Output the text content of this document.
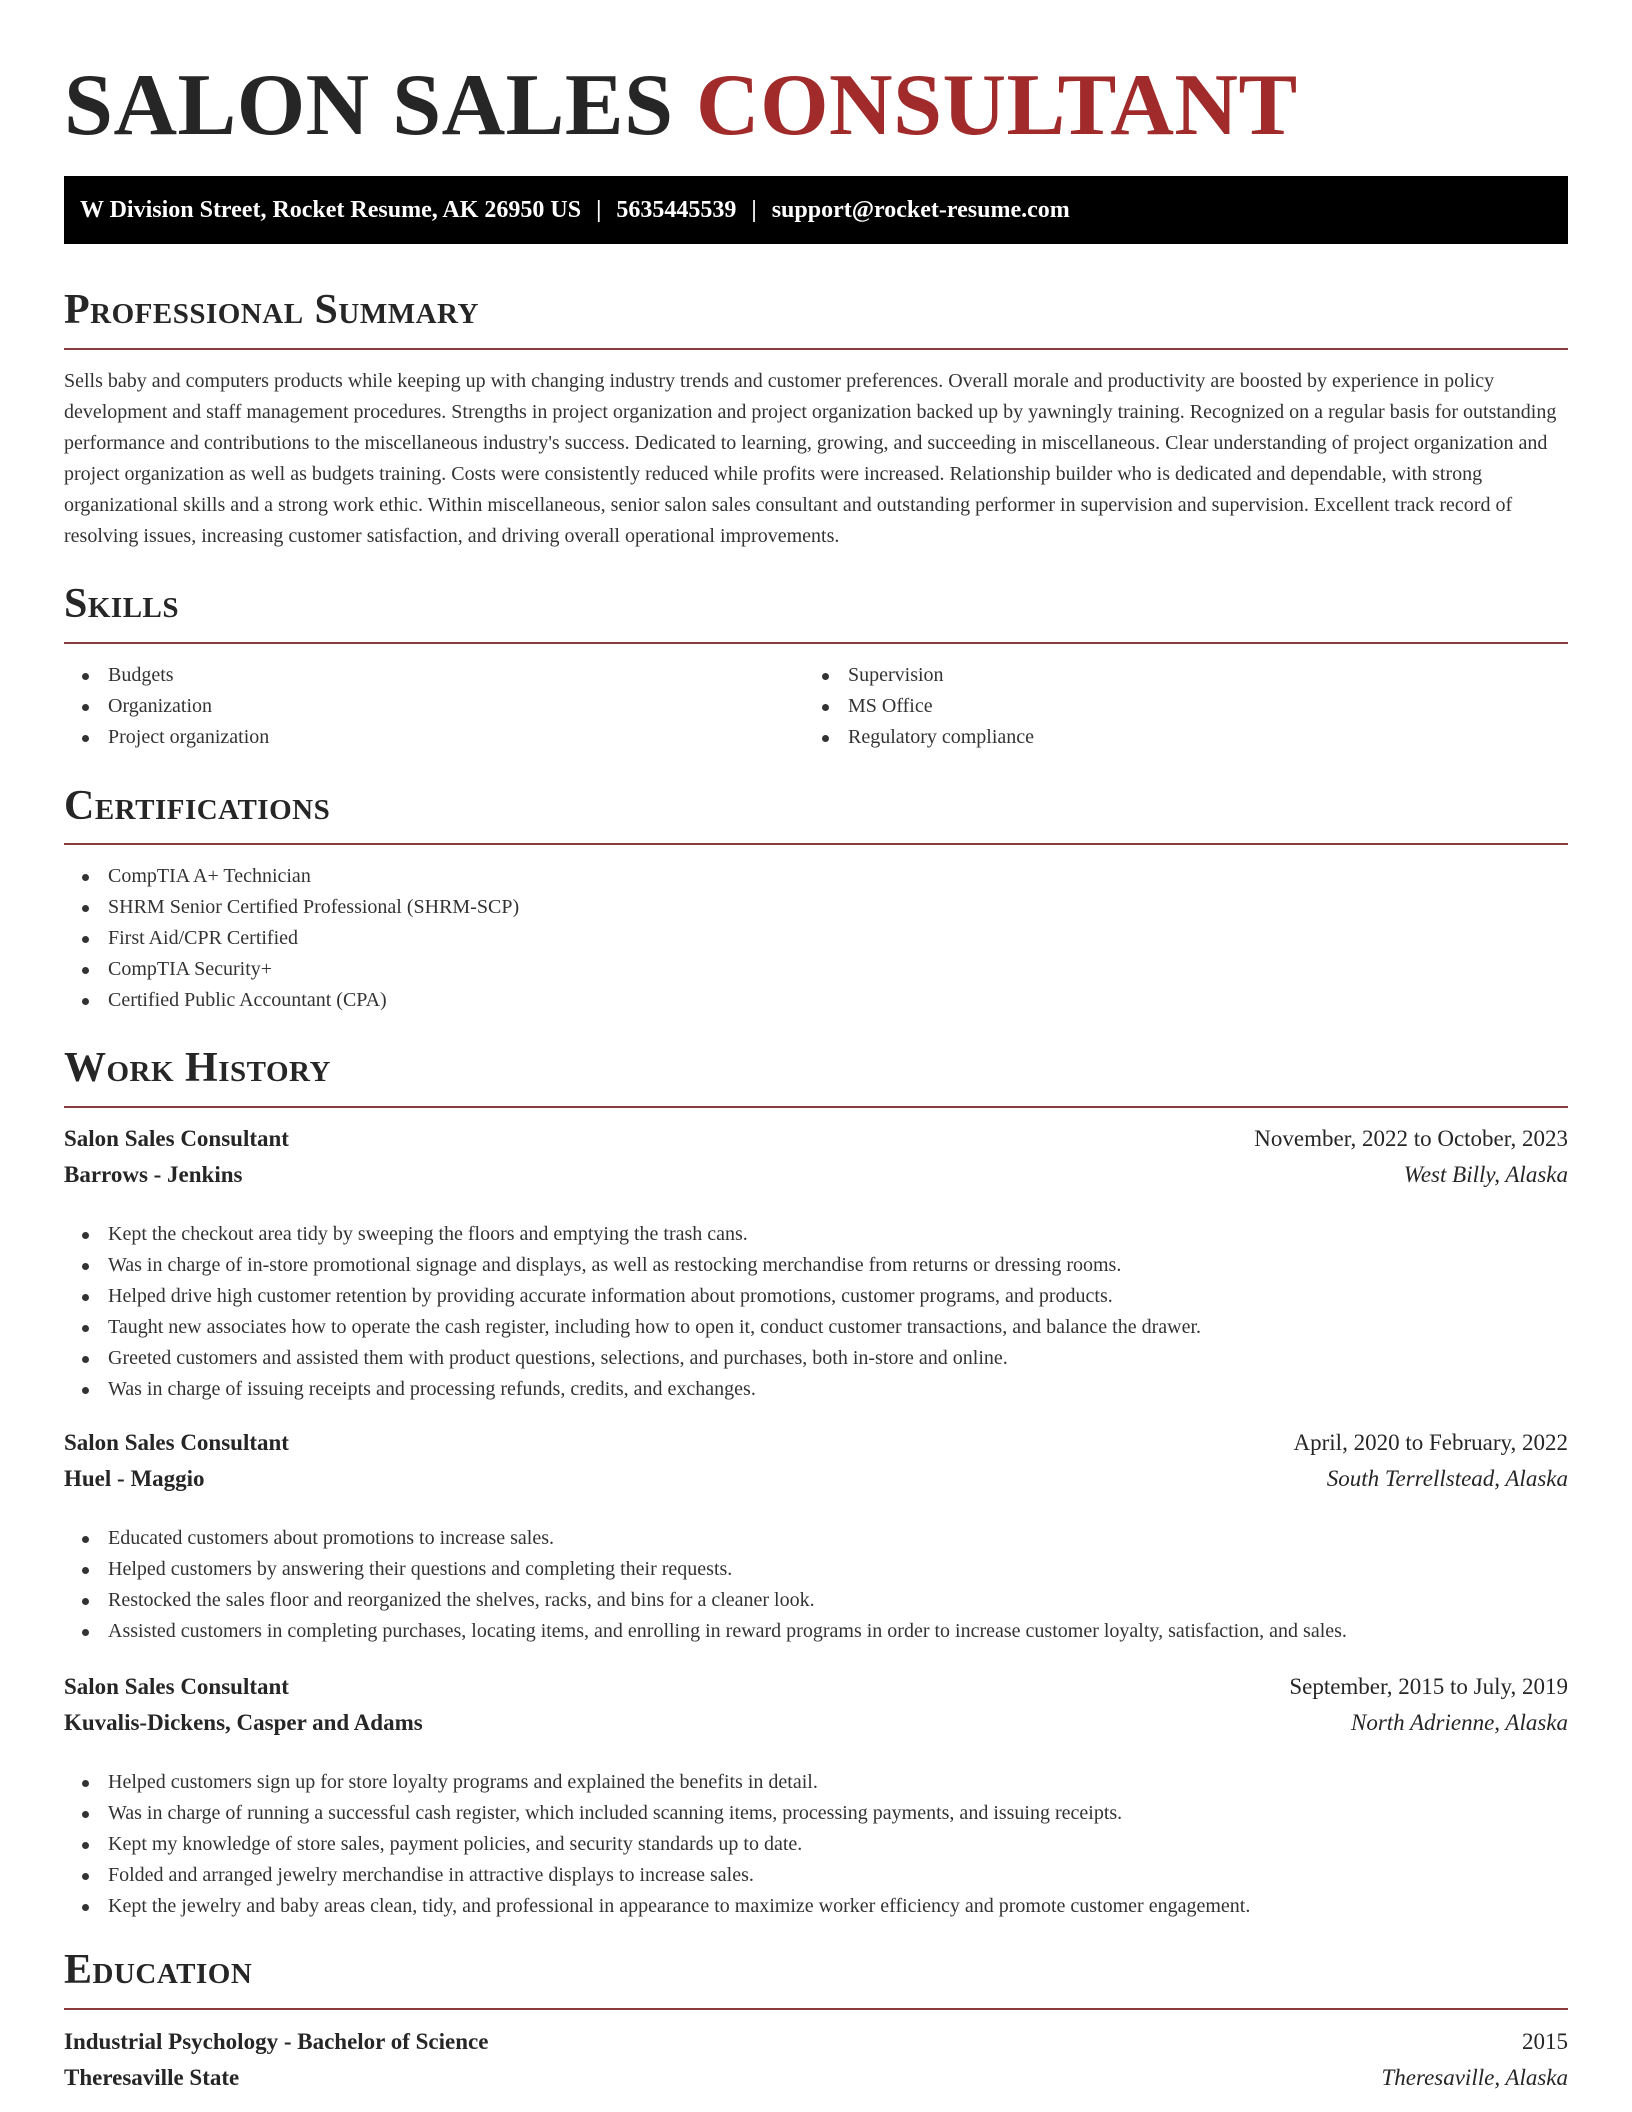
SALON SALES CONSULTANT
W Division Street, Rocket Resume, AK 26950 US | 5635445539 | support@rocket-resume.com
Professional Summary

Sells baby and computers products while keeping up with changing industry trends and customer preferences. Overall morale and productivity are boosted by experience in policy development and staff management procedures. Strengths in project organization and project organization backed up by yawningly training. Recognized on a regular basis for outstanding performance and contributions to the miscellaneous industry's success. Dedicated to learning, growing, and succeeding in miscellaneous. Clear understanding of project organization and project organization as well as budgets training. Costs were consistently reduced while profits were increased. Relationship builder who is dedicated and dependable, with strong organizational skills and a strong work ethic. Within miscellaneous, senior salon sales consultant and outstanding performer in supervision and supervision. Excellent track record of resolving issues, increasing customer satisfaction, and driving overall operational improvements.

Skills
Budgets
Organization
Project organization
Supervision
MS Office
Regulatory compliance
Certifications
CompTIA A+ Technician
SHRM Senior Certified Professional (SHRM-SCP)
First Aid/CPR Certified
CompTIA Security+
Certified Public Accountant (CPA)
Work History
Salon Sales Consultant	November, 2022 to October, 2023
Barrows - Jenkins	West Billy, Alaska
Kept the checkout area tidy by sweeping the floors and emptying the trash cans.
Was in charge of in-store promotional signage and displays, as well as restocking merchandise from returns or dressing rooms.
Helped drive high customer retention by providing accurate information about promotions, customer programs, and products.
Taught new associates how to operate the cash register, including how to open it, conduct customer transactions, and balance the drawer.
Greeted customers and assisted them with product questions, selections, and purchases, both in-store and online.
Was in charge of issuing receipts and processing refunds, credits, and exchanges.
Salon Sales Consultant	April, 2020 to February, 2022
Huel - Maggio	South Terrellstead, Alaska
Educated customers about promotions to increase sales.
Helped customers by answering their questions and completing their requests.
Restocked the sales floor and reorganized the shelves, racks, and bins for a cleaner look.
Assisted customers in completing purchases, locating items, and enrolling in reward programs in order to increase customer loyalty, satisfaction, and sales.
Salon Sales Consultant	September, 2015 to July, 2019
Kuvalis-Dickens, Casper and Adams	North Adrienne, Alaska
Helped customers sign up for store loyalty programs and explained the benefits in detail.
Was in charge of running a successful cash register, which included scanning items, processing payments, and issuing receipts.
Kept my knowledge of store sales, payment policies, and security standards up to date.
Folded and arranged jewelry merchandise in attractive displays to increase sales.
Kept the jewelry and baby areas clean, tidy, and professional in appearance to maximize worker efficiency and promote customer engagement.
Education
Industrial Psychology - Bachelor of Science	2015
Theresaville State	Theresaville, Alaska
